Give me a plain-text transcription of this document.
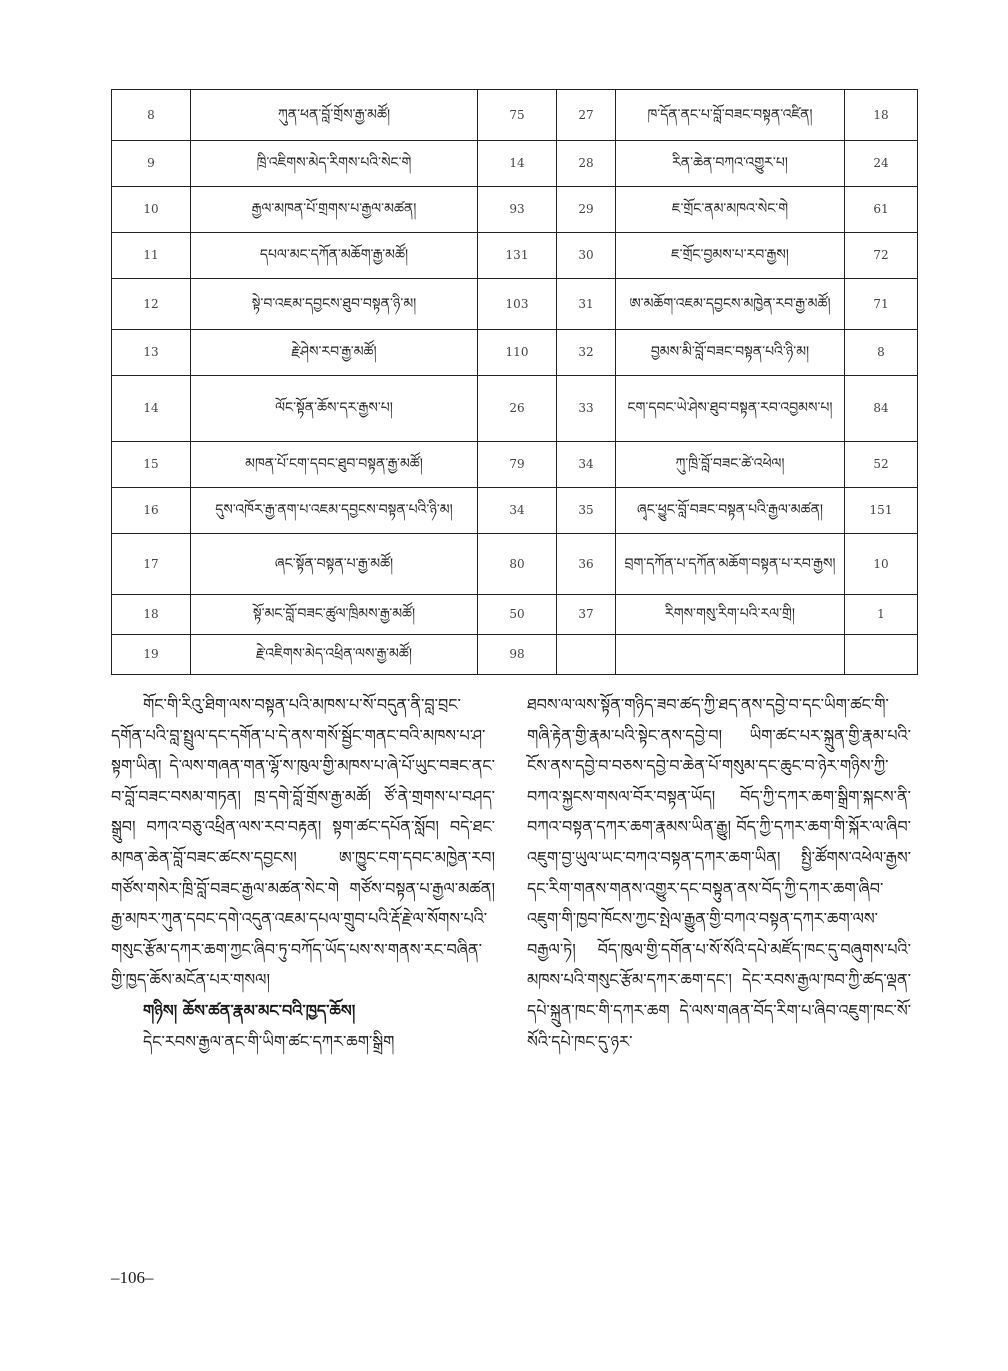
8	ཀུན་ཕན་བློ་གྲོས་རྒྱ་མཚོ།	75	27	ཁ་དོན་ནང་པ་བློ་བཟང་བསྟན་འཛིན།	18
9	ཁྲི་འཇིགས་མེད་རིགས་པའི་སེང་གེ	14	28	རིན་ཆེན་བཀའ་འགྱུར་པ།	24
10	རྒྱལ་མཁན་པོ་གྲགས་པ་རྒྱལ་མཚན།	93	29	ཇ་གྲོང་ནམ་མཁའ་སེང་གེ	61
11	དཔལ་མང་དཀོན་མཆོག་རྒྱ་མཚོ།	131	30	ཇ་གྲོང་བྱམས་པ་རབ་རྒྱས།	72
12	སྟེ་བ་འཇམ་དབྱངས་ཐུབ་བསྟན་ཉི་མ།	103	31	ཨ་མཆོག་འཇམ་དབྱངས་མཁྱེན་རབ་རྒྱ་མཚོ།	71
13	རྗེ་ཤེས་རབ་རྒྱ་མཚོ།	110	32	བྱམས་མི་བློ་བཟང་བསྟན་པའི་ཉི་མ།	8
14	ལོང་སྟོན་ཆོས་དར་རྒྱས་པ།	26	33	ངག་དབང་ཡེ་ཤེས་ཐུབ་བསྟན་རབ་འབྱམས་པ།	84
15	མཁན་པོ་ངག་དབང་ཐུབ་བསྟན་རྒྱ་མཚོ།	79	34	ཀུ་ཁྲི་བློ་བཟང་ཚེ་འཕེལ།	52
16	དུས་འཁོར་རྒྱ་ནག་པ་འཇམ་དབྱངས་བསྟན་པའི་ཉི་མ།	34	35	ཞྭང་ཕྱུང་བློ་བཟང་བསྟན་པའི་རྒྱལ་མཚན།	151
17	ཞང་སྟོན་བསྟན་པ་རྒྱ་མཚོ།	80	36	བྲག་དཀོན་པ་དཀོན་མཆོག་བསྟན་པ་རབ་རྒྱས།	10
18	སྟོ་མང་བློ་བཟང་ཚུལ་ཁྲིམས་རྒྱ་མཚོ།	50	37	རིགས་གསུ་རིག་པའི་རལ་གྲི།	1
19	རྗེ་འཇིགས་མེད་འཕྲིན་ལས་རྒྱ་མཚོ།	98			

གོང་གི་རིའུ་ཐིག་ལས་བསྟན་པའི་མཁས་པ་སོ་བདུན་ནི་བླ་བྲང་དགོན་པའི་བླ་སྤྲུལ་དང་དགོན་པ་དེ་ནས་གསོ་སྦྱོང་གནང་བའི་མཁས་པ་ཤ་སྟག་ཡིན། དེ་ལས་གཞན་གན་ལྷོ་ས་ཁུལ་གྱི་མཁས་པ་ཞེ་པོ་ཡུང་བཟང་ནང་བ་བློ་བཟང་བསམ་གཏན། ཁྲ་དགེ་བློ་གྲོས་རྒྱ་མཚོ། ཙོ་ནེ་གྲགས་པ་བཤད་སྒྲུབ། བཀའ་བཅུ་འཕྲིན་ལས་རབ་བརྟན། སྟག་ཚང་དཔོན་སློབ། བདེ་ཐང་མཁན་ཆེན་བློ་བཟང་ཚངས་དབྱངས། ཨ་ཁྱུང་ངག་དབང་མཁྱེན་རབ། གཙོས་གསེར་ཁྲི་བློ་བཟང་རྒྱལ་མཚན་སེང་གེ གཙོས་བསྟན་པ་རྒྱལ་མཚན། རྒྱ་མཁར་ཀུན་དབང་དགེ་འདུན་འཇམ་དཔལ་གྲུབ་པའི་རྡོ་རྗེ་ལ་སོགས་པའི་གསུང་རྩོམ་དཀར་ཆག་ཀྱང་ཞིབ་ཏུ་བཀོད་ཡོད་པས་ས་གནས་རང་བཞིན་གྱི་ཁྱད་ཆོས་མངོན་པར་གསལ།

གཉིས། ཆོས་ཚན་རྣམ་མང་བའི་ཁྱད་ཆོས།

དེང་རབས་རྒྱལ་ནང་གི་ཡིག་ཚང་དཀར་ཆག་སྒྲིག

ཐབས་ལ་ལས་སྟོན་གཉིད་ཟབ་ཚད་ཀྱི་ཐད་ནས་དབྱེ་བ་དང་ཡིག་ཚང་གི་གཞི་རྟེན་གྱི་རྣམ་པའི་སྟེང་ནས་དབྱེ་བ། ཡིག་ཚང་པར་སྐྲུན་གྱི་རྣམ་པའི་ངོས་ནས་དབྱེ་བ་བཅས་དབྱེ་བ་ཆེན་པོ་གསུམ་དང་ཆུང་བ་ཉེར་གཉིས་ཀྱི་བཀའ་སྐྱངས་གསལ་བོར་བསྟན་ཡོད། བོད་ཀྱི་དཀར་ཆག་སྒྲིག་སྐངས་ནི་བཀའ་བསྟན་དཀར་ཆག་རྣམས་ཡིན་རྒྱུ། བོད་ཀྱི་དཀར་ཆག་གི་སྐོར་ལ་ཞིབ་འཇུག་བྱ་ཡུལ་ཡང་བཀའ་བསྟན་དཀར་ཆག་ཡིན། སྤྱི་ཚོགས་འཕེལ་རྒྱས་དང་རིག་གནས་གནས་འགྱུར་དང་བསྟུན་ནས་བོད་ཀྱི་དཀར་ཆག་ཞིབ་འཇུག་གི་ཁྱབ་ཁོངས་ཀྱང་སྤེལ་རྒྱུན་གྱི་བཀའ་བསྟན་དཀར་ཆག་ལས་བརྒྱལ་ཏེ། བོད་ཁུལ་གྱི་དགོན་པ་སོ་སོའི་དཔེ་མཛོད་ཁང་དུ་བཞུགས་པའི་མཁས་པའི་གསུང་རྩོམ་དཀར་ཆག་དང་། དེང་རབས་རྒྱལ་ཁབ་ཀྱི་ཚད་ལྡན་དཔེ་སྐྲུན་ཁང་གི་དཀར་ཆག དེ་ལས་གཞན་བོད་རིག་པ་ཞིབ་འཇུག་ཁང་སོ་སོའི་དཔེ་ཁང་དུ་ཉར་

–106–
